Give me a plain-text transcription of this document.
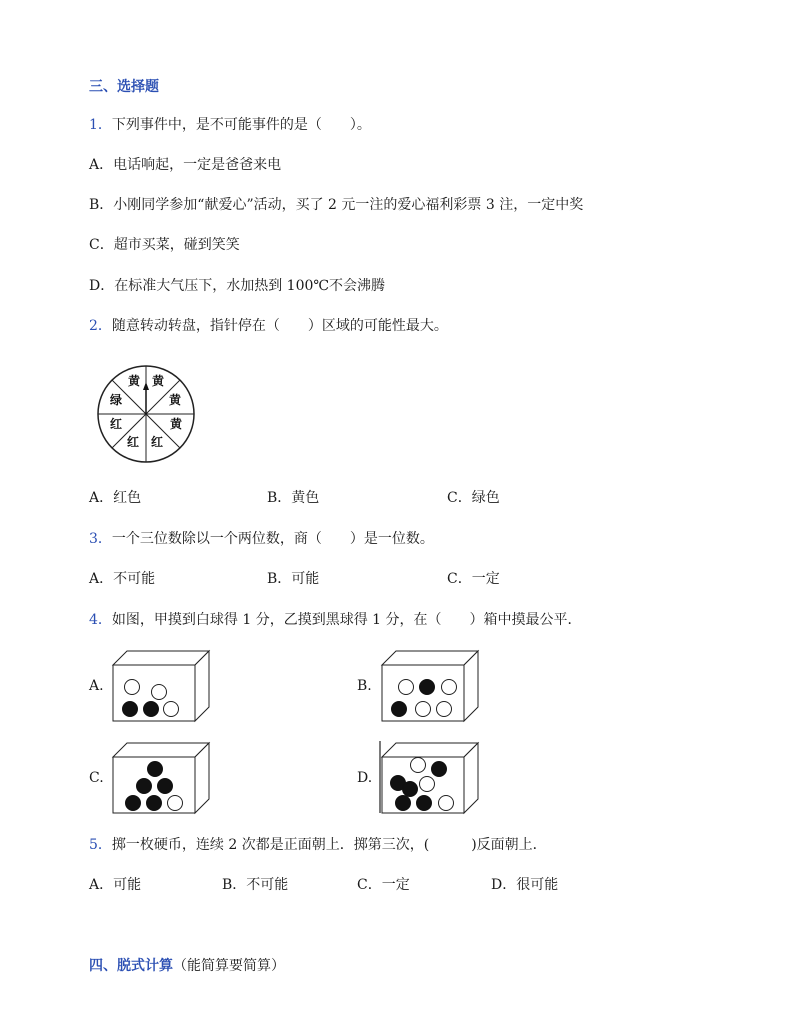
三、选择题
1．下列事件中，是不可能事件的是（　　）。
A．电话响起，一定是爸爸来电
B．小刚同学参加“献爱心”活动，买了 2 元一注的爱心福利彩票 3 注，一定中奖
C．超市买菜，碰到笑笑
D．在标准大气压下，水加热到 100℃不会沸腾
2．随意转动转盘，指针停在（　　）区域的可能性最大。
黄 黄
黄
黄
红
红
红
绿
A．红色	B．黄色	C．绿色
3．一个三位数除以一个两位数，商（　　）是一位数。
A．不可能	B．可能	C．一定
4．如图，甲摸到白球得 1 分，乙摸到黑球得 1 分，在（　　）箱中摸最公平．
A.	B.
C.	D.
5．掷一枚硬币，连续 2 次都是正面朝上．掷第三次，(　　　)反面朝上．
A．可能	B．不可能	C．一定	D．很可能
四、脱式计算（能简算要简算）
